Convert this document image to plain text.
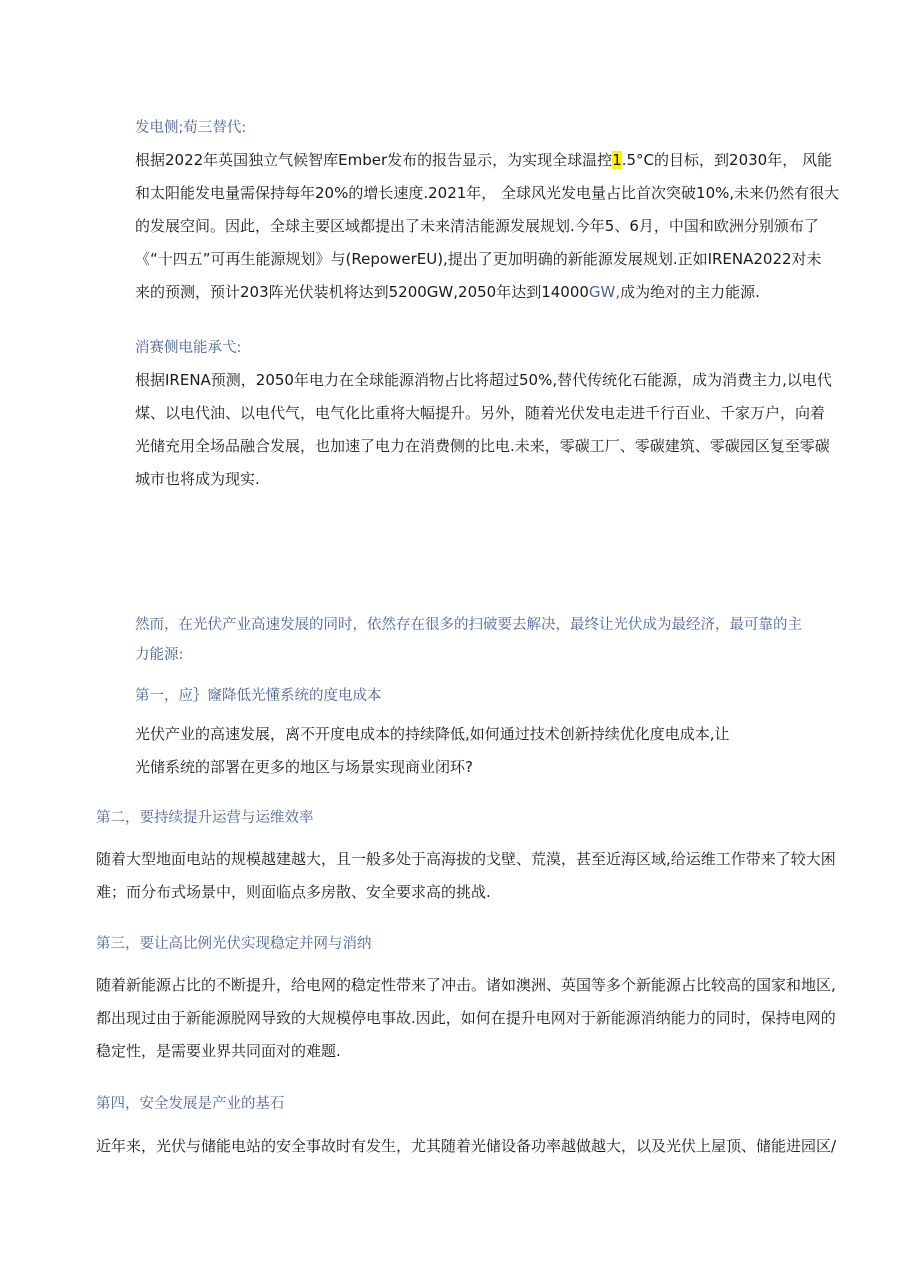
发电侧;荀三替代:
根据2022年英国独立气候智库Ember发布的报告显示，为实现全球温控1.5°C的目标，到2030年， 风能
和太阳能发电量需保持每年20%的增长速度.2021年， 全球风光发电量占比首次突破10%,未来仍然有很大
的发展空间。因此，全球主要区域都提出了未来清洁能源发展规划.今年5、6月，中国和欧洲分别颁布了
《“十四五”可再生能源规划》与(RepowerEU),提出了更加明确的新能源发展规划.正如IRENA2022对未
来的预测，预计203阵光伏装机将达到5200GW,2050年达到14000GW,成为绝对的主力能源.
消赛侧电能承弋:
根据IRENA预测，2050年电力在全球能源消物占比将超过50%,替代传统化石能源，成为消费主力,以电代
煤、以电代油、以电代气，电气化比重将大幅提升。另外，随着光伏发电走进千行百业、千家万户，向着
光储充用全场品融合发展，也加速了电力在消费侧的比电.未来，零碳工厂、零碳建筑、零碳园区复至零碳
城市也将成为现实.
然而，在光伏产业高速发展的同时，依然存在很多的扫破要去解决，最终让光伏成为最经济，最可靠的主
力能源:
第一，应｝窿降低光懂系统的度电成本
光伏产业的高速发展，离不开度电成本的持续降低,如何通过技术创新持续优化度电成本,让
光储系统的部署在更多的地区与场景实现商业闭环?
第二，要持续提升运营与运维效率
随着大型地面电站的规模越建越大，且一般多处于高海拔的戈壁、荒漠，甚至近海区域,给运维工作带来了较大困
难；而分布式场景中，则面临点多房散、安全要求高的挑战.
第三，要让高比例光伏实现稳定并网与消纳
随着新能源占比的不断提升，给电网的稳定性带来了冲击。诸如澳洲、英国等多个新能源占比较高的国家和地区,
都出现过由于新能源脱网导致的大规模停电事故.因此，如何在提升电网对于新能源消纳能力的同时，保持电网的
稳定性，是需要业界共同面对的难题.
第四，安全发展是产业的基石
近年来，光伏与储能电站的安全事故时有发生，尤其随着光储设备功率越做越大，以及光伏上屋顶、储能进园区/
